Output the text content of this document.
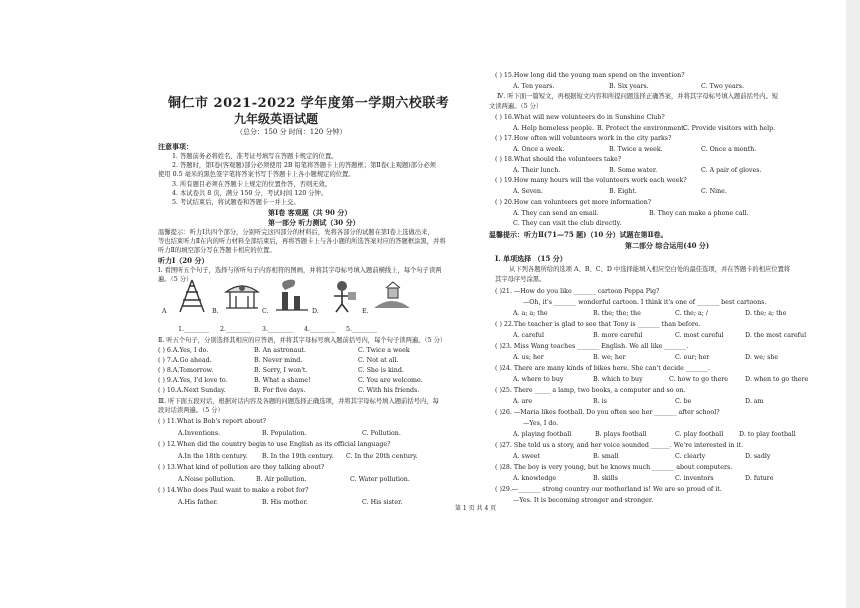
铜仁市 2021-2022 学年度第一学期六校联考
九年级英语试题
（总分：150 分 时间：120 分钟）
注意事项：
1. 答题前务必将姓名、准考证号填写在答题卡规定的位置。
2. 答题时，第Ⅰ卷(客观题)部分必须使用 2B 铅笔将答题卡上的答题框；第Ⅱ卷(主观题)部分必须
使用 0.5 毫米的黑色签字笔将答案书写于答题卡上各小题规定的位置。
3. 所有题目必须在答题卡上规定的位置作答，否则无效。
4. 本试卷共 8 页，满分 150 分，考试时间 120 分钟。
5. 考试结束后，将试题卷和答题卡一并上交。
第Ⅰ卷 客观题（共 90 分）
第一部分 听力测试（30 分）
温馨提示：听力Ⅰ共四个部分，分别听完这四部分的材料后，先将各部分的试题在第Ⅰ卷上选做出来，
等也结束听力Ⅱ在内的听力材料全部结束后，再将答题卡上与各小题的所选答案对应的答题框涂黑，并将
听力Ⅱ的填空部分写在答题卡相应的位置。
听力Ⅰ（20 分）
Ⅰ. 看图听五个句子，选择与所听句子内容相符的图画，并将其字母标号填入题前横线上，每个句子读两
遍。（5 分）
A	B.	C.	D.	E.
1.________ 2.________ 3.________ 4.________ 5.________
Ⅱ. 听五个句子，分别选择其相应的应答语，并将其字母标号填入题前括号内，每个句子读两遍。（5 分）
( ) 6.A.Yes, I do.	B. An astronaut.	C. Twice a week
( ) 7.A.Go ahead.	B. Never mind.	C. Not at all.
( ) 8.A.Tomorrow.	B. Sorry, I won't.	C. She is kind.
( ) 9.A.Yes, I'd love to.	B. What a shame!	C. You are welcome.
( ) 10.A.Next Sunday.	B. For five days.	C. With his friends.
Ⅲ. 听下面五段对话，根据对话内容及各题的问题选择正确选项，并将其字母标号填入题前括号内，每
段对话读两遍。（5 分）
( ) 11.What is Bob's report about?
A.Inventions.	B. Population.	C. Pollution.
( ) 12.When did the country begin to use English as its official language?
A.In the 18th century. B. In the 19th century. C. In the 20th century.
( ) 13.What kind of pollution are they talking about?
A.Noise pollution.	B. Air pollution.	C. Water pollution.
( ) 14.Who does Paul want to make a robot for?
A.His father.	B. His mother.	C. His sister.
( ) 15.How long did the young man spend on the invention?
A. Ten years.	B. Six years.	C. Two years.
Ⅳ. 听下面一篇短文，再根据短文内容和所提问题选择正确答案，并将其字母标号填入题前括号内。短
文读两遍。（5 分）
( ) 16.What will new volunteers do in Sunshine Club?
A. Help homeless people. B. Protect the environment.
C. Provide visitors with help.
( ) 17.How often will volunteers work in the city parks?
A. Once a week.	B. Twice a week.	C. Once a month.
( ) 18.What should the volunteers take?
A. Their lunch.	B. Some water.	C. A pair of gloves.
( ) 19.How many hours will the volunteers work each week?
A. Seven.	B. Eight.	C. Nine.
( ) 20.How can volunteers get more information?
A. They can send an email.	B. They can make a phone call.
C. They can visit the club directly.
温馨提示：听力Ⅱ(71—75 题)（10 分）试题在第Ⅱ卷。
第二部分 综合运用(40 分)
Ⅰ. 单项选择 （15 分）
从下列各题所给的选项 A、B、C、D 中选择能填入相应空白处的最佳选项，并在答题卡的相应位置将
其字母序号涂黑。
( )21. —How do you like _______ cartoon Peppa Pig?
—Oh, it's _______ wonderful cartoon. I think it's one of _______ best cartoons.
A. a; a; the	B. the; the; the	C. the; a; /	D. the; a; the
( ) 22.The teacher is glad to see that Tony is _______ than before.
A. careful	B. more careful	C. most careful	D. the most careful
( )23. Miss Wang teaches _______ English. We all like _______.
A. us; her	B. we; her	C. our; her	D. we; she
( )24. There are many kinds of bikes here. She can't decide _______.
A. where to buy	B. which to buy	C. how to go there	D. when to go there
( )25. There _____ a lamp, two books, a computer and so on.
A. are	B. is	C. be	D. am
( )26. —Maria likes football. Do you often see her _______ after school?
—Yes, I do.
A. playing football	B. plays football	C. play football	D. to play football
( )27. She told us a story, and her voice sounded ______. We're interested in it.
A. sweet	B. small	C. clearly	D. sadly
( )28. The boy is very young, but he knows much _______ about computers.
A. knowledge	B. skills	C. inventors	D. future
( )29.—_______ strong country our motherland is! We are so proud of it.
—Yes. It is becoming stronger and stronger.
第 1 页 共 4 页
